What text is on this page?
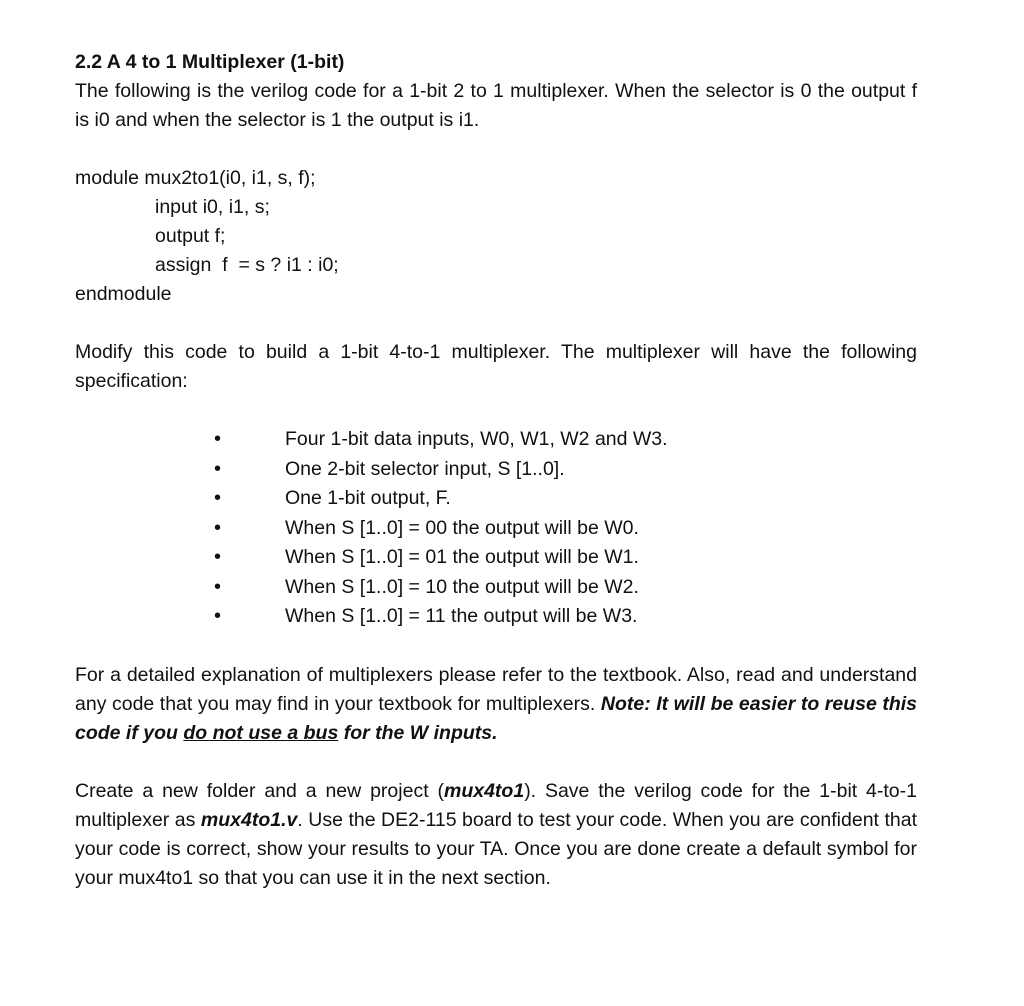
2.2 A 4 to 1 Multiplexer (1-bit)

The following is the verilog code for a 1-bit 2 to 1 multiplexer. When the selector is 0 the output f is i0 and when the selector is 1 the output is i1.

module mux2to1(i0, i1, s, f);
input i0, i1, s;
output f;
assign  f  = s ? i1 : i0;
endmodule

Modify this code to build a 1-bit 4-to-1 multiplexer. The multiplexer will have the following specification:

•	Four 1-bit data inputs, W0, W1, W2 and W3.
•	One 2-bit selector input, S [1..0].
•	One 1-bit output, F.
•	When S [1..0] = 00 the output will be W0.
•	When S [1..0] = 01 the output will be W1.
•	When S [1..0] = 10 the output will be W2.
•	When S [1..0] = 11 the output will be W3.

For a detailed explanation of multiplexers please refer to the textbook. Also, read and understand any code that you may find in your textbook for multiplexers. Note: It will be easier to reuse this code if you do not use a bus for the W inputs.

Create a new folder and a new project (mux4to1). Save the verilog code for the 1-bit 4-to-1 multiplexer as mux4to1.v. Use the DE2-115 board to test your code. When you are confident that your code is correct, show your results to your TA. Once you are done create a default symbol for your mux4to1 so that you can use it in the next section.
